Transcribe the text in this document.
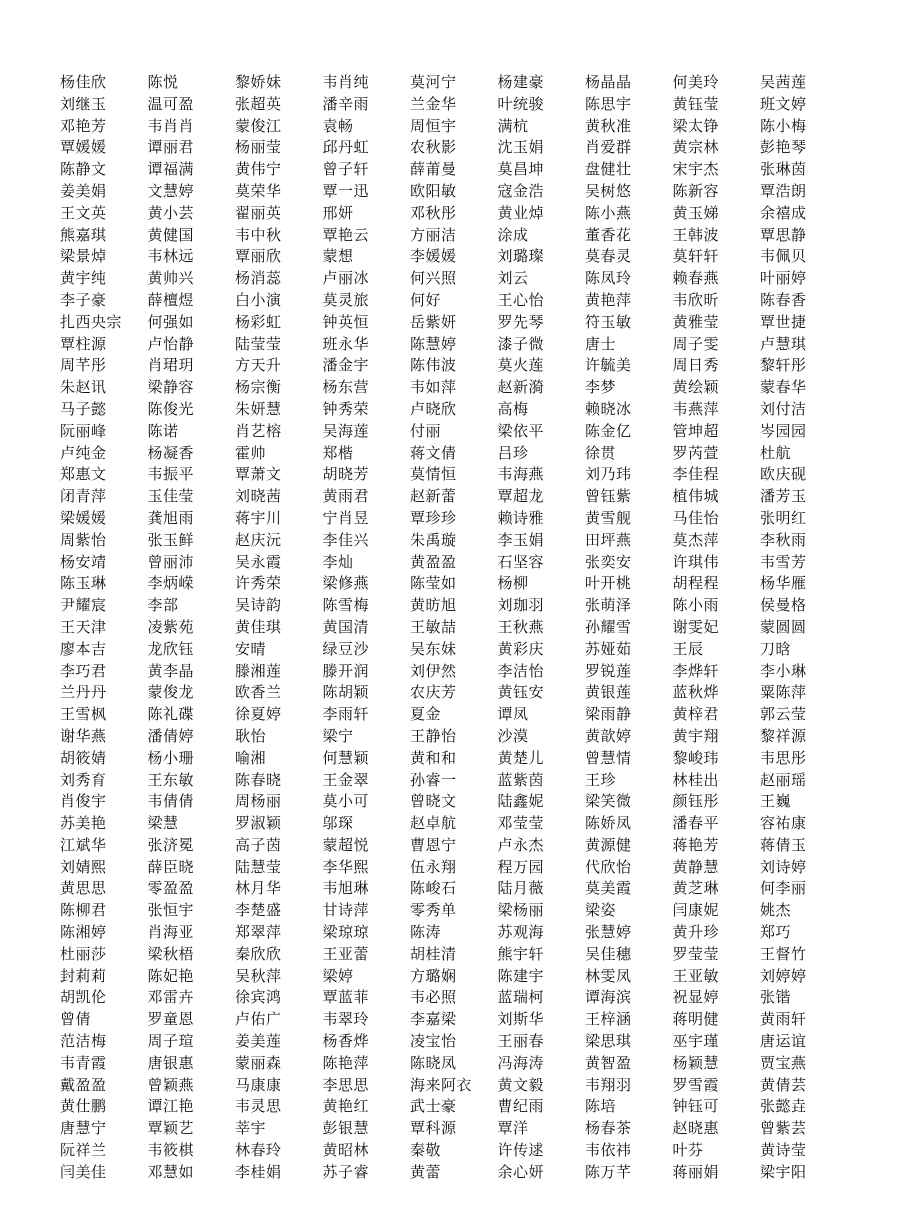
杨佳欣	陈悦	黎娇妹	韦肖纯	莫河宁	杨建豪	杨晶晶	何美玲	吴茜莲
刘继玉	温可盈	张超英	潘辛雨	兰金华	叶统骏	陈思宇	黄钰莹	班文婷
邓艳芳	韦肖肖	蒙俊江	袁畅	周恒宇	满杭	黄秋准	梁太铮	陈小梅
覃媛媛	谭丽君	杨丽莹	邱丹虹	农秋影	沈玉娟	肖爱群	黄宗林	彭艳琴
陈静文	谭福满	黄伟宁	曾子轩	薛莆曼	莫昌坤	盘健壮	宋宇杰	张琳茵
姜美娟	文慧婷	莫荣华	覃一迅	欧阳敏	寇金浩	吴树悠	陈新容	覃浩朗
王文英	黄小芸	翟丽英	邢妍	邓秋彤	黄业焯	陈小燕	黄玉娣	余禧成
熊嘉琪	黄健国	韦中秋	覃艳云	方丽洁	涂成	董香花	王韩波	覃思静
梁景焯	韦林远	覃丽欣	蒙想	李媛媛	刘璐璨	莫春灵	莫轩轩	韦佩贝
黄宇纯	黄帅兴	杨消蕊	卢丽冰	何兴照	刘云	陈凤玲	赖春燕	叶丽婷
李子豪	薛檀煜	白小演	莫灵旅	何好	王心怡	黄艳萍	韦欣昕	陈春香
扎西央宗	何强如	杨彩虹	钟英恒	岳紫妍	罗先琴	符玉敏	黄雅莹	覃世捷
覃柱源	卢怡静	陆莹莹	班永华	陈慧婷	漆子微	唐士	周子雯	卢慧琪
周芊彤	肖珺玥	方天升	潘金宇	陈伟波	莫火莲	许毓美	周日秀	黎轩彤
朱赵讯	梁静容	杨宗衡	杨东营	韦如萍	赵新漪	李梦	黄绘颖	蒙春华
马子懿	陈俊光	朱妍慧	钟秀荣	卢晓欣	高梅	赖晓冰	韦燕萍	刘付洁
阮丽峰	陈诺	肖艺榕	吴海莲	付丽	梁依平	陈金亿	管坤超	岑园园
卢纯金	杨凝香	霍帅	郑楷	蒋文倩	吕珍	徐贯	罗芮萱	杜航
郑惠文	韦振平	覃萧文	胡晓芳	莫情恒	韦海燕	刘乃玮	李佳程	欧庆砚
闭青萍	玉佳莹	刘晓茜	黄雨君	赵新蕾	覃超龙	曾钰紫	植伟城	潘芳玉
梁媛媛	龚旭雨	蒋宇川	宁肖昱	覃珍珍	赖诗雅	黄雪舰	马佳怡	张明红
周紫怡	张玉鲜	赵庆沅	李佳兴	朱禹璇	李玉娟	田坪燕	莫杰萍	李秋雨
杨安靖	曾丽沛	吴永霞	李灿	黄盈盈	石坚容	张奕安	许琪伟	韦雪芳
陈玉琳	李炳嵘	许秀荣	梁修燕	陈莹如	杨柳	叶开桃	胡程程	杨华雁
尹耀宸	李部	吴诗韵	陈雪梅	黄昉旭	刘珈羽	张萌泽	陈小雨	侯曼格
王天津	凌紫苑	黄佳琪	黄国清	王敏喆	王秋燕	孙耀雪	谢雯妃	蒙圆圆
廖本吉	龙欣钰	安晴	绿豆沙	吴东妹	黄彩庆	苏娅茹	王辰	刀晗
李巧君	黄李晶	滕湘莲	滕开润	刘伊然	李洁怡	罗锐莲	李烨轩	李小琳
兰丹丹	蒙俊龙	欧香兰	陈胡颖	农庆芳	黄钰安	黄银莲	蓝秋烨	粟陈萍
王雪枫	陈礼碟	徐夏婷	李雨轩	夏金	谭凤	梁雨静	黄梓君	郭云莹
谢华燕	潘倩婷	耿怡	梁宁	王静怡	沙漠	黄歆婷	黄宇翔	黎祥源
胡筱婧	杨小珊	喻湘	何慧颖	黄和和	黄楚儿	曾慧情	黎峻玮	韦思彤
刘秀育	王东敏	陈春晓	王金翠	孙睿一	蓝紫茵	王珍	林桂出	赵丽瑶
肖俊宇	韦倩倩	周杨丽	莫小可	曾晓文	陆鑫妮	梁笑微	颜钰彤	王巍
苏美艳	梁慧	罗淑颖	邬琛	赵卓航	邓莹莹	陈娇凤	潘春平	容祐康
江斌华	张济冕	高子茵	蒙超悦	曹恩宁	卢永杰	黄源健	蒋艳芳	蒋倩玉
刘婧熙	薛臣晓	陆慧莹	李华熙	伍永翔	程万园	代欣怡	黄静慧	刘诗婷
黄思思	零盈盈	林月华	韦旭琳	陈峻石	陆月薇	莫美霞	黄芝琳	何李丽
陈柳君	张恒宇	李楚盛	甘诗萍	零秀单	梁杨丽	梁姿	闫康妮	姚杰
陈湘婷	肖海亚	郑翠萍	梁琼琼	陈涛	苏观海	张慧婷	黄升珍	郑巧
杜丽莎	梁秋梧	秦欣欣	王亚蕾	胡桂清	熊宇轩	吴佳穗	罗莹莹	王督竹
封莉莉	陈妃艳	吴秋萍	梁婷	方璐娴	陈建宇	林雯凤	王亚敏	刘婷婷
胡凯伦	邓雷卉	徐宾鸿	覃蓝菲	韦必照	蓝瑞柯	谭海滨	祝显婷	张锴
曾倩	罗童恩	卢佑广	韦翠玲	李嘉梁	刘斯华	王梓涵	蒋明健	黄雨轩
范洁梅	周子瑄	姜美莲	杨香烨	凌宝怡	王丽春	梁思琪	巫宇瑾	唐运谊
韦青霞	唐银惠	蒙丽森	陈艳萍	陈晓凤	冯海涛	黄智盈	杨颖慧	贾宝燕
戴盈盈	曾颖燕	马康康	李思思	海来阿衣	黄文毅	韦翔羽	罗雪霞	黄倩芸
黄仕鹏	谭江艳	韦灵思	黄艳红	武士豪	曹纪雨	陈培	钟钰可	张懿垚
唐慧宁	覃颖艺	莘宇	彭银慧	覃科源	覃洋	杨春茶	赵晓惠	曾紫芸
阮祥兰	韦筱棋	林春玲	黄昭林	秦敬	许传逑	韦依祎	叶芬	黄诗莹
闫美佳	邓慧如	李桂娟	苏子睿	黄蕾	余心妍	陈万芊	蒋丽娟	梁宇阳
